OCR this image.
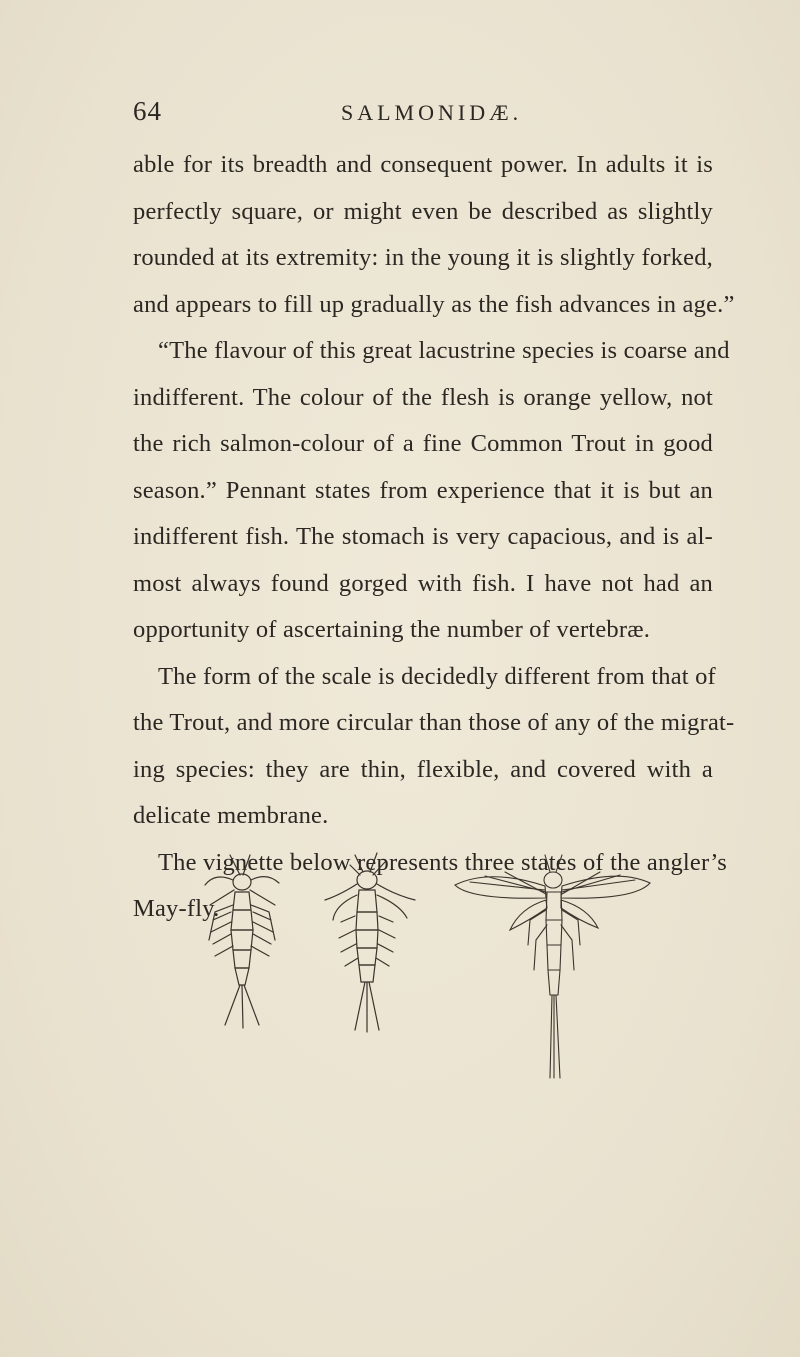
64	SALMONIDÆ.
able for its breadth and consequent power. In adults it is
perfectly square, or might even be described as slightly
rounded at its extremity: in the young it is slightly forked,
and appears to fill up gradually as the fish advances in age.”
“The flavour of this great lacustrine species is coarse and
indifferent. The colour of the flesh is orange yellow, not
the rich salmon-colour of a fine Common Trout in good
season.” Pennant states from experience that it is but an
indifferent fish. The stomach is very capacious, and is al-
most always found gorged with fish. I have not had an
opportunity of ascertaining the number of vertebræ.
The form of the scale is decidedly different from that of
the Trout, and more circular than those of any of the migrat-
ing species: they are thin, flexible, and covered with a
delicate membrane.
The vignette below represents three states of the angler’s
May-fly.
